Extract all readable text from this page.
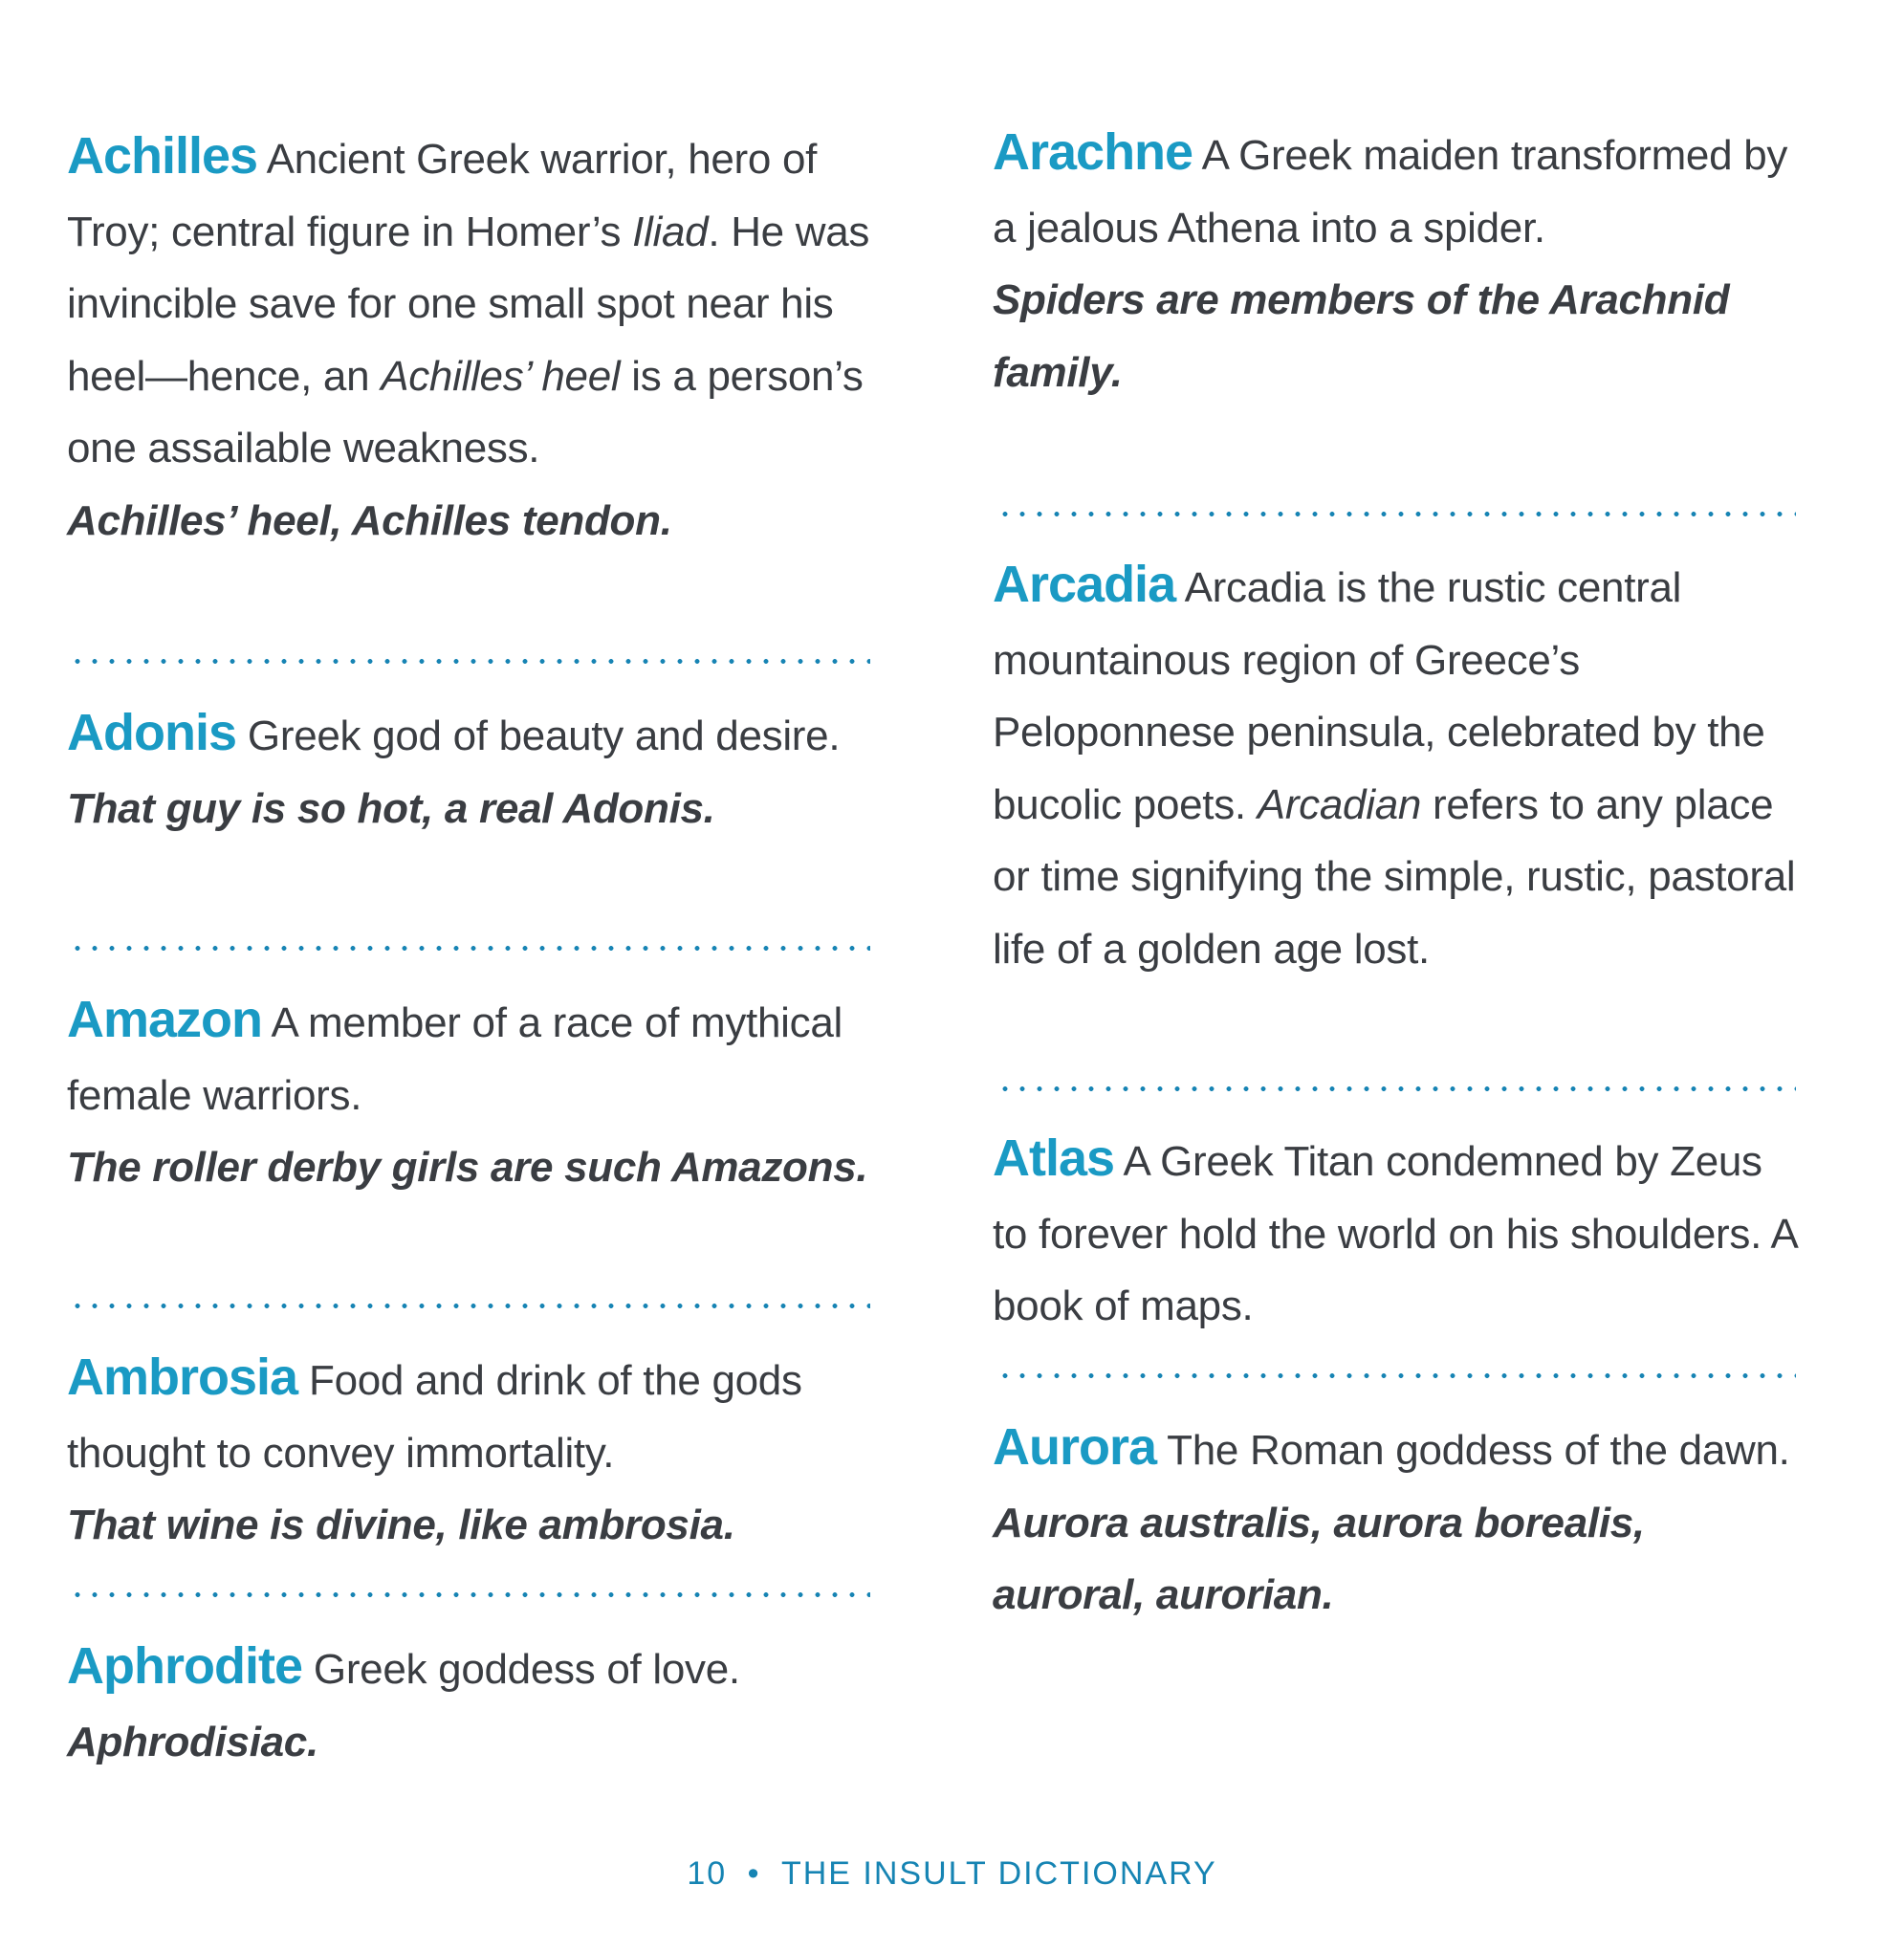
Achilles Ancient Greek warrior, hero of Troy; central figure in Homer’s Iliad. He was invincible save for one small spot near his heel—hence, an Achilles’ heel is a person’s one assailable weakness.
Achilles’ heel, Achilles tendon.

Adonis Greek god of beauty and desire.
That guy is so hot, a real Adonis.

Amazon A member of a race of mythical female warriors.
The roller derby girls are such Amazons.

Ambrosia Food and drink of the gods thought to convey immortality.
That wine is divine, like ambrosia.

Aphrodite Greek goddess of love.
Aphrodisiac.

Arachne A Greek maiden transformed by a jealous Athena into a spider.
Spiders are members of the Arachnid family.

Arcadia Arcadia is the rustic central mountainous region of Greece’s Peloponnese peninsula, celebrated by the bucolic poets. Arcadian refers to any place or time signifying the simple, rustic, pastoral life of a golden age lost.

Atlas A Greek Titan condemned by Zeus to forever hold the world on his shoulders. A book of maps.

Aurora The Roman goddess of the dawn.
Aurora australis, aurora borealis, auroral, aurorian.

10 • THE INSULT DICTIONARY
